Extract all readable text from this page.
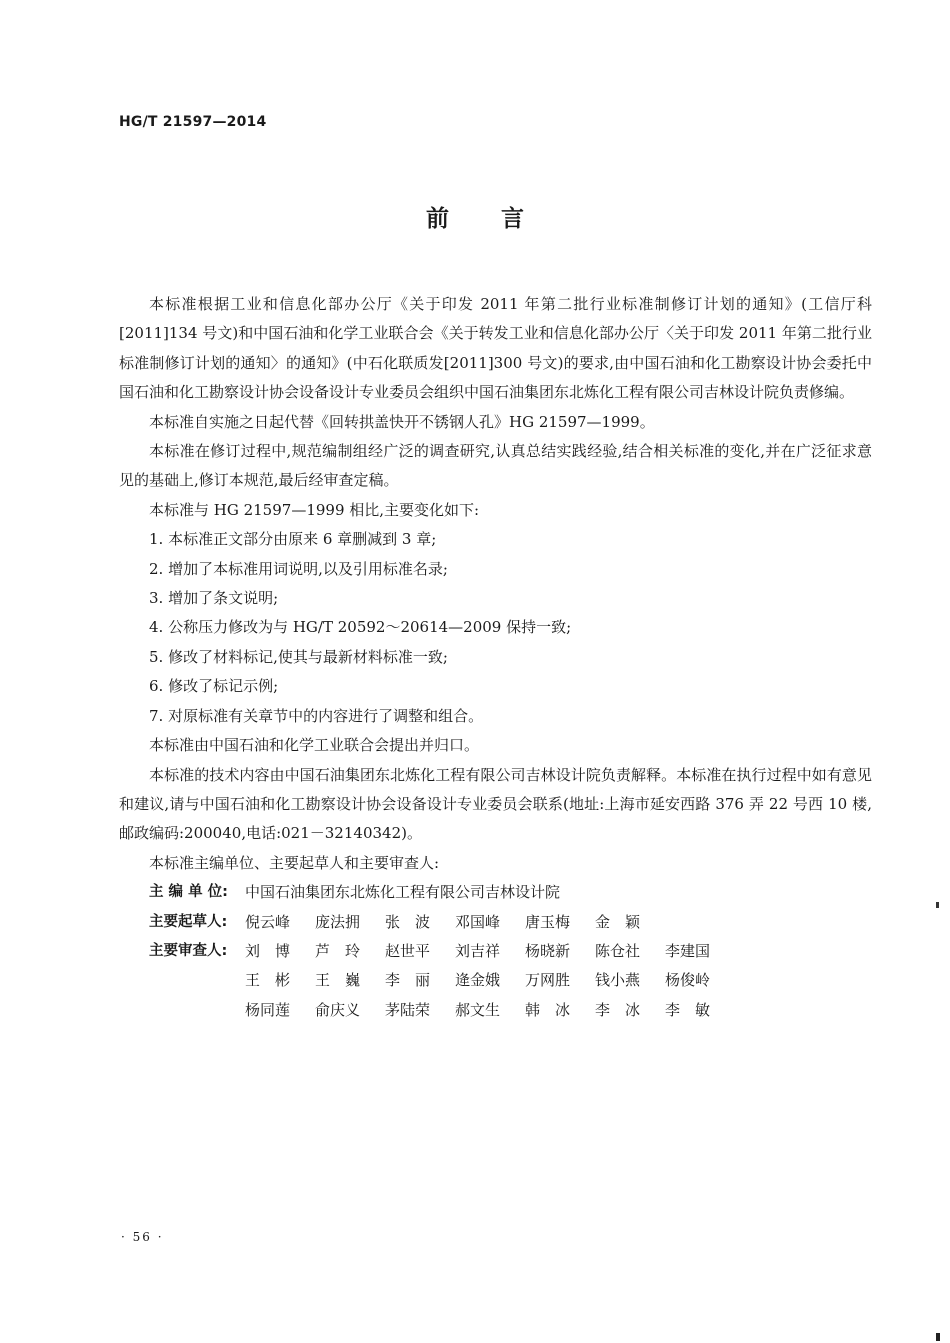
HG/T 21597—2014
前 言

本标准根据工业和信息化部办公厅《关于印发 2011 年第二批行业标准制修订计划的通知》(工信厅科[2011]134 号文)和中国石油和化学工业联合会《关于转发工业和信息化部办公厅〈关于印发 2011 年第二批行业标准制修订计划的通知〉的通知》(中石化联质发[2011]300 号文)的要求,由中国石油和化工勘察设计协会委托中国石油和化工勘察设计协会设备设计专业委员会组织中国石油集团东北炼化工程有限公司吉林设计院负责修编。

本标准自实施之日起代替《回转拱盖快开不锈钢人孔》HG 21597—1999。

本标准在修订过程中,规范编制组经广泛的调查研究,认真总结实践经验,结合相关标准的变化,并在广泛征求意见的基础上,修订本规范,最后经审查定稿。

本标准与 HG 21597—1999 相比,主要变化如下:

1. 本标准正文部分由原来 6 章删减到 3 章;

2. 增加了本标准用词说明,以及引用标准名录;

3. 增加了条文说明;

4. 公称压力修改为与 HG/T 20592～20614—2009 保持一致;

5. 修改了材料标记,使其与最新材料标准一致;

6. 修改了标记示例;

7. 对原标准有关章节中的内容进行了调整和组合。

本标准由中国石油和化学工业联合会提出并归口。

本标准的技术内容由中国石油集团东北炼化工程有限公司吉林设计院负责解释。本标准在执行过程中如有意见和建议,请与中国石油和化工勘察设计协会设备设计专业委员会联系(地址:上海市延安西路 376 弄 22 号西 10 楼,邮政编码:200040,电话:021－32140342)。

本标准主编单位、主要起草人和主要审查人:

主 编 单 位:	中国石油集团东北炼化工程有限公司吉林设计院
主要起草人:	倪云峰	庞法拥	张　波	邓国峰	唐玉梅	金　颖
主要审查人:	刘　博	芦　玲	赵世平	刘吉祥	杨晓新	陈仓社	李建国
王　彬	王　巍	李　丽	逄金娥	万网胜	钱小燕	杨俊岭
杨同莲	俞庆义	茅陆荣	郝文生	韩　冰	李　冰	李　敏
· 56 ·
